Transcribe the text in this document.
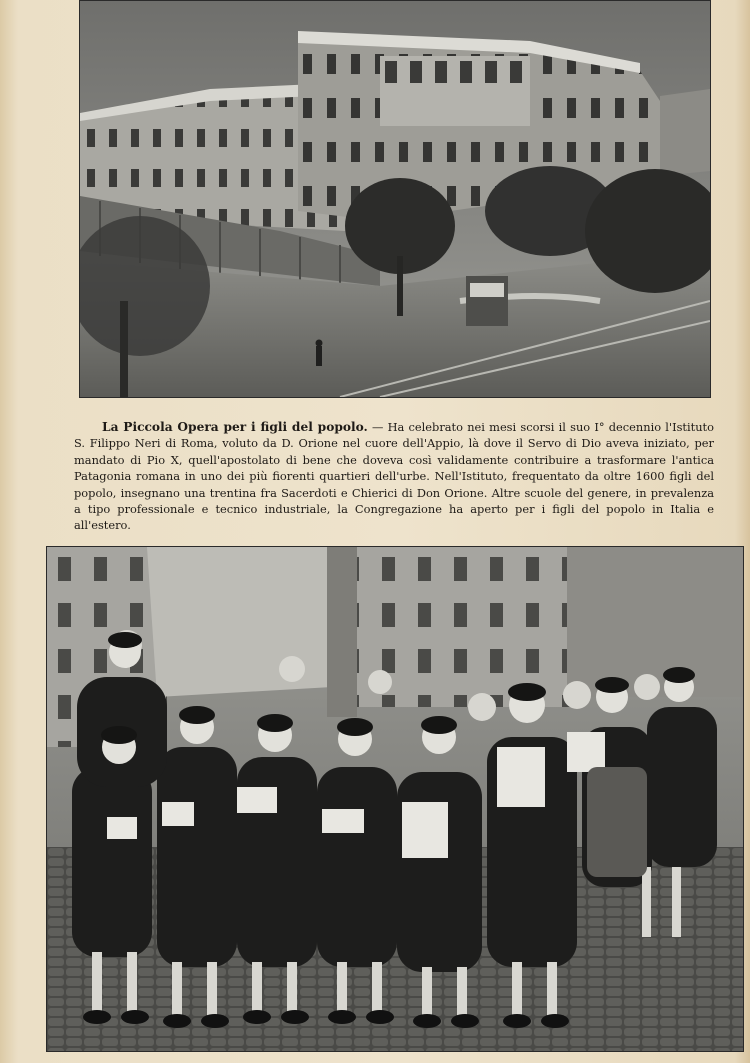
La Piccola Opera per i figli del popolo. — Ha celebrato nei mesi scorsi il suo I° decennio l'Istituto S. Filippo Neri di Roma, voluto da D. Orione nel cuore dell'Appio, là dove il Servo di Dio aveva iniziato, per mandato di Pio X, quell'apostolato di bene che doveva così validamente contribuire a trasformare l'antica Patagonia romana in uno dei più fiorenti quartieri dell'urbe. Nell'Istituto, frequentato da oltre 1600 figli del popolo, insegnano una trentina fra Sacerdoti e Chierici di Don Orione. Altre scuole del genere, in prevalenza a tipo professionale e tecnico industriale, la Congregazione ha aperto per i figli del popolo in Italia e all'estero.
